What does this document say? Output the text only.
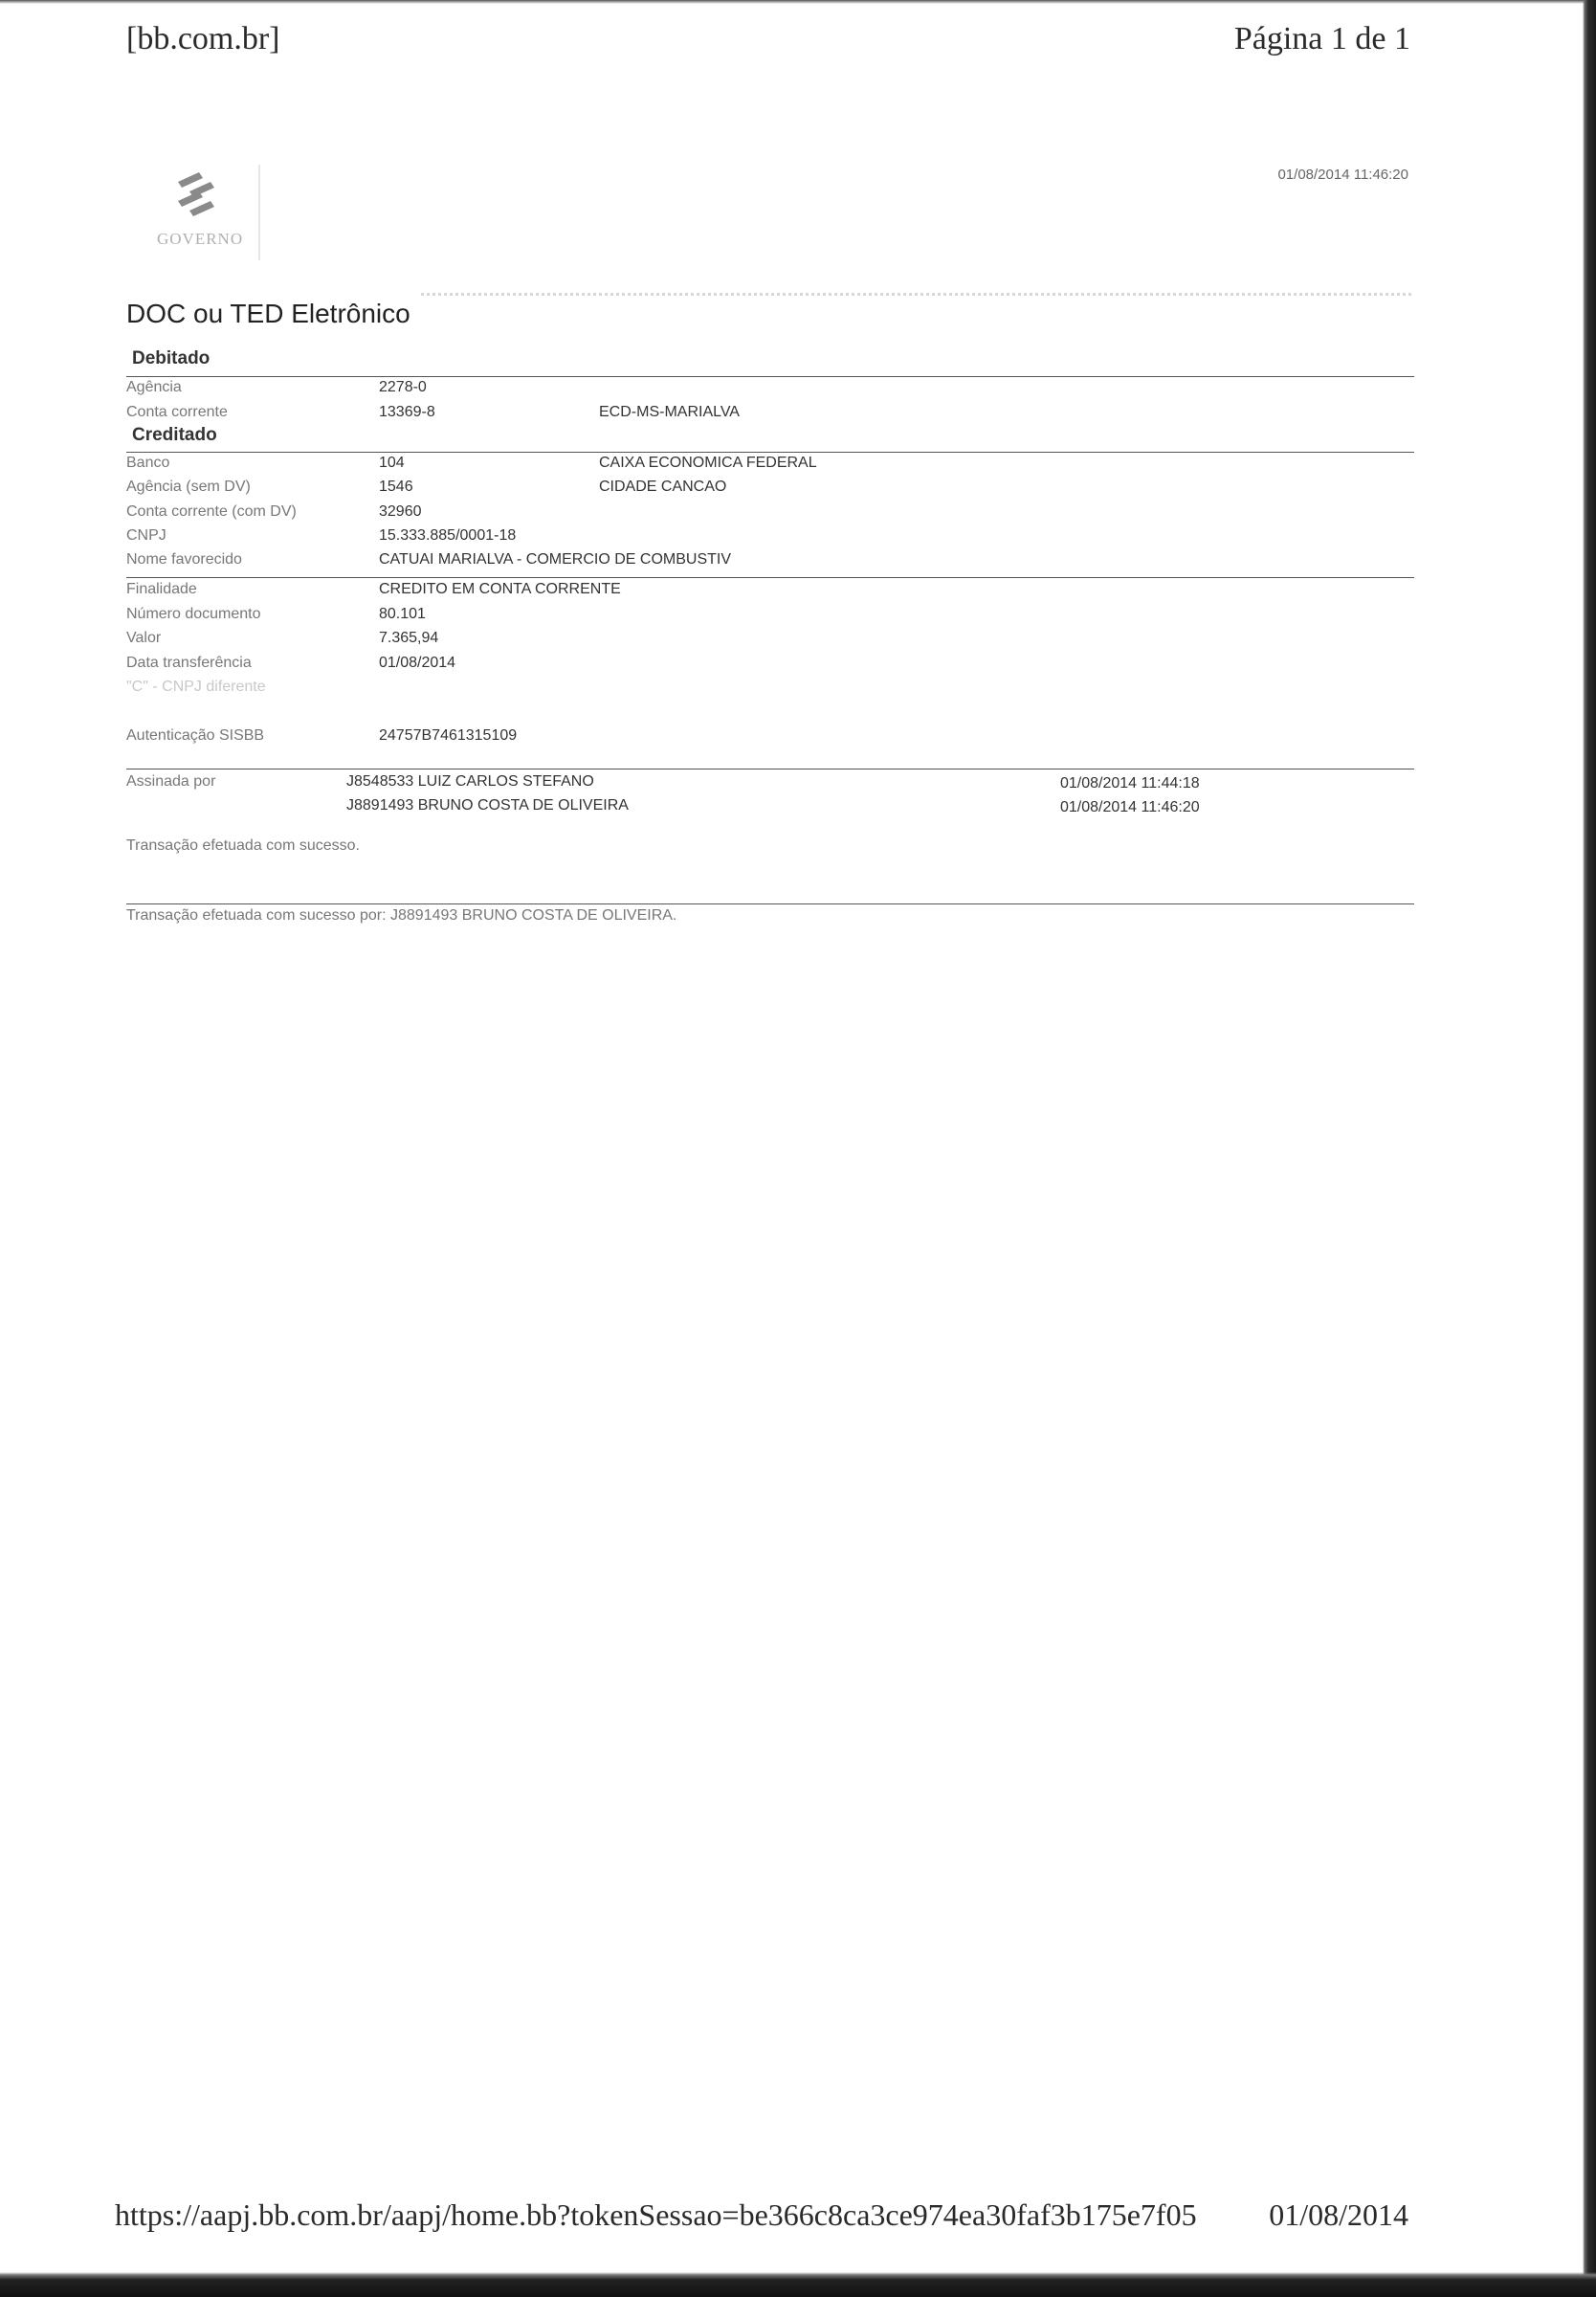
[bb.com.br]	Página 1 de 1
GOVERNO
01/08/2014 11:46:20
DOC ou TED Eletrônico
Debitado
Agência	2278-0
Conta corrente	13369-8	ECD-MS-MARIALVA
Creditado
Banco	104	CAIXA ECONOMICA FEDERAL
Agência (sem DV)	1546	CIDADE CANCAO
Conta corrente (com DV)	32960
CNPJ	15.333.885/0001-18
Nome favorecido	CATUAI MARIALVA - COMERCIO DE COMBUSTIV
Finalidade	CREDITO EM CONTA CORRENTE
Número documento	80.101
Valor	7.365,94
Data transferência	01/08/2014
"C" - CNPJ diferente
Autenticação SISBB	24757B7461315109
Assinada por	J8548533 LUIZ CARLOS STEFANO	01/08/2014 11:44:18
J8891493 BRUNO COSTA DE OLIVEIRA	01/08/2014 11:46:20
Transação efetuada com sucesso.
Transação efetuada com sucesso por: J8891493 BRUNO COSTA DE OLIVEIRA.
https://aapj.bb.com.br/aapj/home.bb?tokenSessao=be366c8ca3ce974ea30faf3b175e7f05 01/08/2014
